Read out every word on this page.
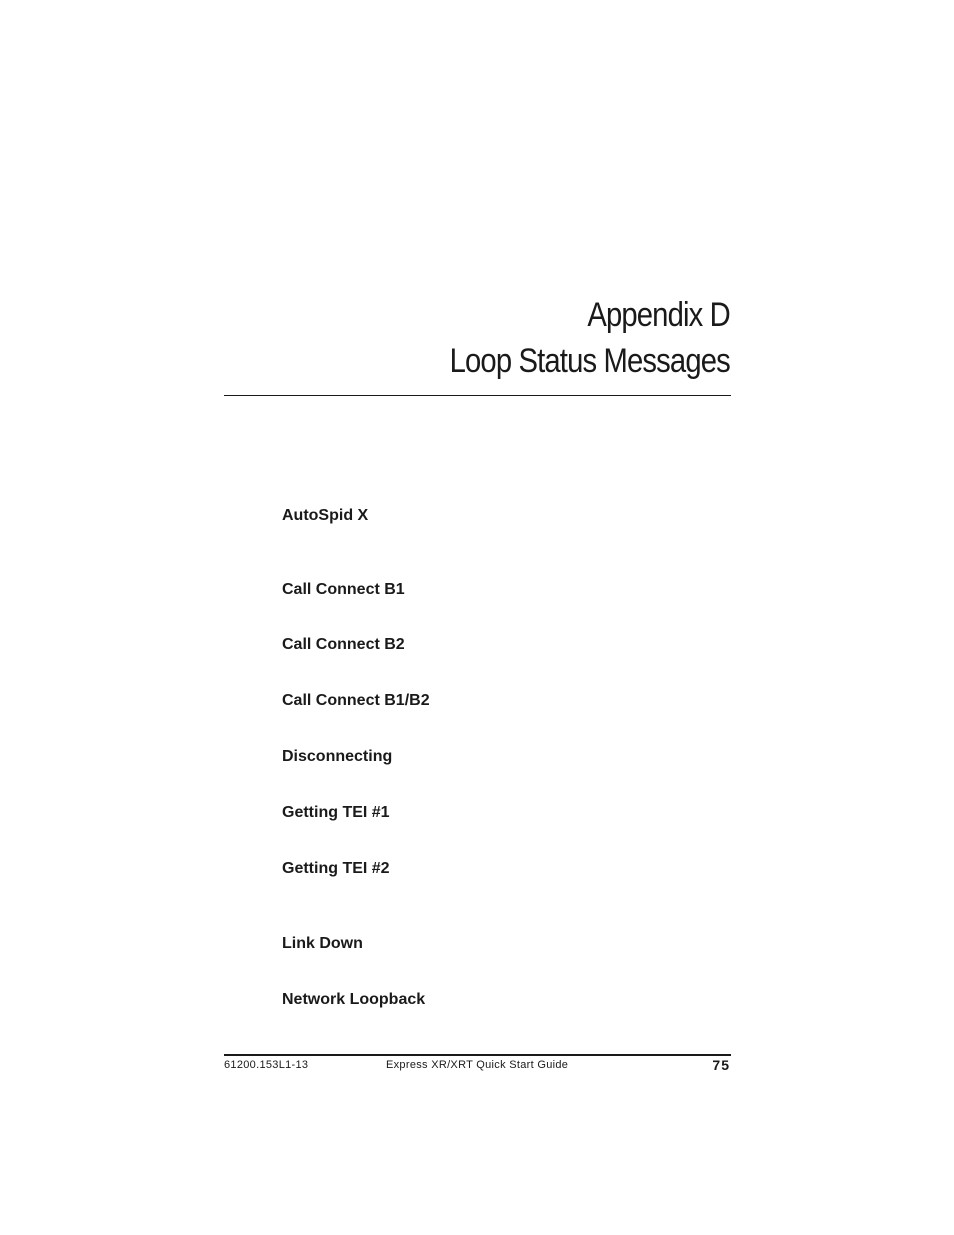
Appendix D
Loop Status Messages
AutoSpid X
Call Connect B1
Call Connect B2
Call Connect B1/B2
Disconnecting
Getting TEI #1
Getting TEI #2
Link Down
Network Loopback
61200.153L1-13	Express XR/XRT Quick Start Guide	75
